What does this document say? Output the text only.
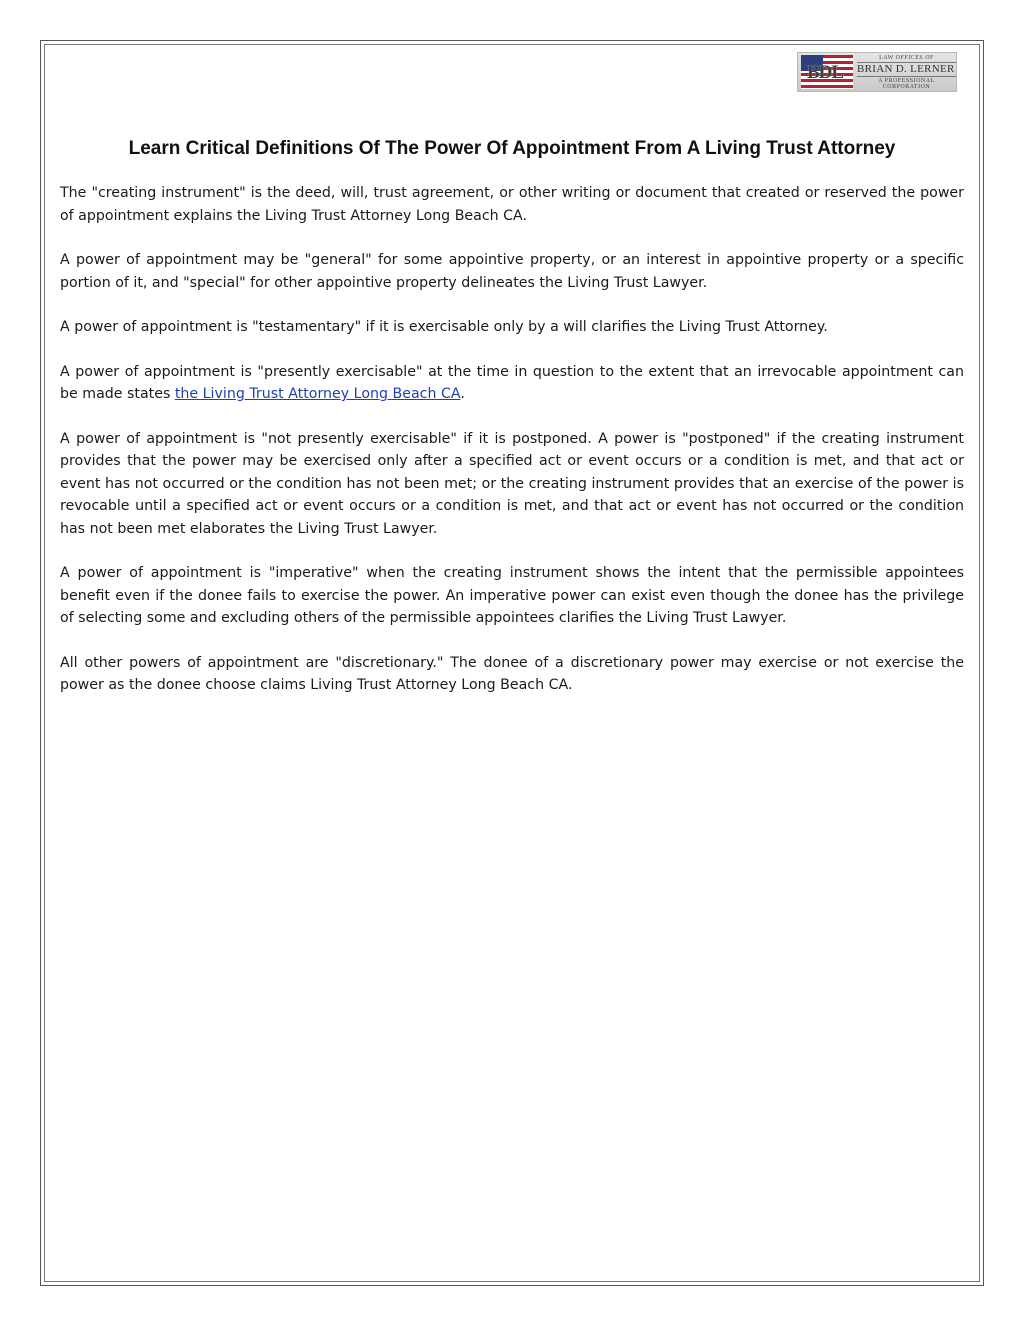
BDL
LAW OFFICES OF
BRIAN D. LERNER
A PROFESSIONAL CORPORATION
Learn Critical Definitions Of The Power Of Appointment From A Living Trust Attorney

The "creating instrument" is the deed, will, trust agreement, or other writing or document that created or reserved the power of appointment explains the Living Trust Attorney Long Beach CA.

A power of appointment may be "general" for some appointive property, or an interest in appointive property or a specific portion of it, and "special" for other appointive property delineates the Living Trust Lawyer.

A power of appointment is "testamentary" if it is exercisable only by a will clarifies the Living Trust Attorney.

A power of appointment is "presently exercisable" at the time in question to the extent that an irrevocable appointment can be made states the Living Trust Attorney Long Beach CA.

A power of appointment is "not presently exercisable" if it is postponed. A power is "postponed" if the creating instrument provides that the power may be exercised only after a specified act or event occurs or a condition is met, and that act or event has not occurred or the condition has not been met; or the creating instrument provides that an exercise of the power is revocable until a specified act or event occurs or a condition is met, and that act or event has not occurred or the condition has not been met elaborates the Living Trust Lawyer.

A power of appointment is "imperative" when the creating instrument shows the intent that the permissible appointees benefit even if the donee fails to exercise the power. An imperative power can exist even though the donee has the privilege of selecting some and excluding others of the permissible appointees clarifies the Living Trust Lawyer.

All other powers of appointment are "discretionary." The donee of a discretionary power may exercise or not exercise the power as the donee choose claims Living Trust Attorney Long Beach CA.
